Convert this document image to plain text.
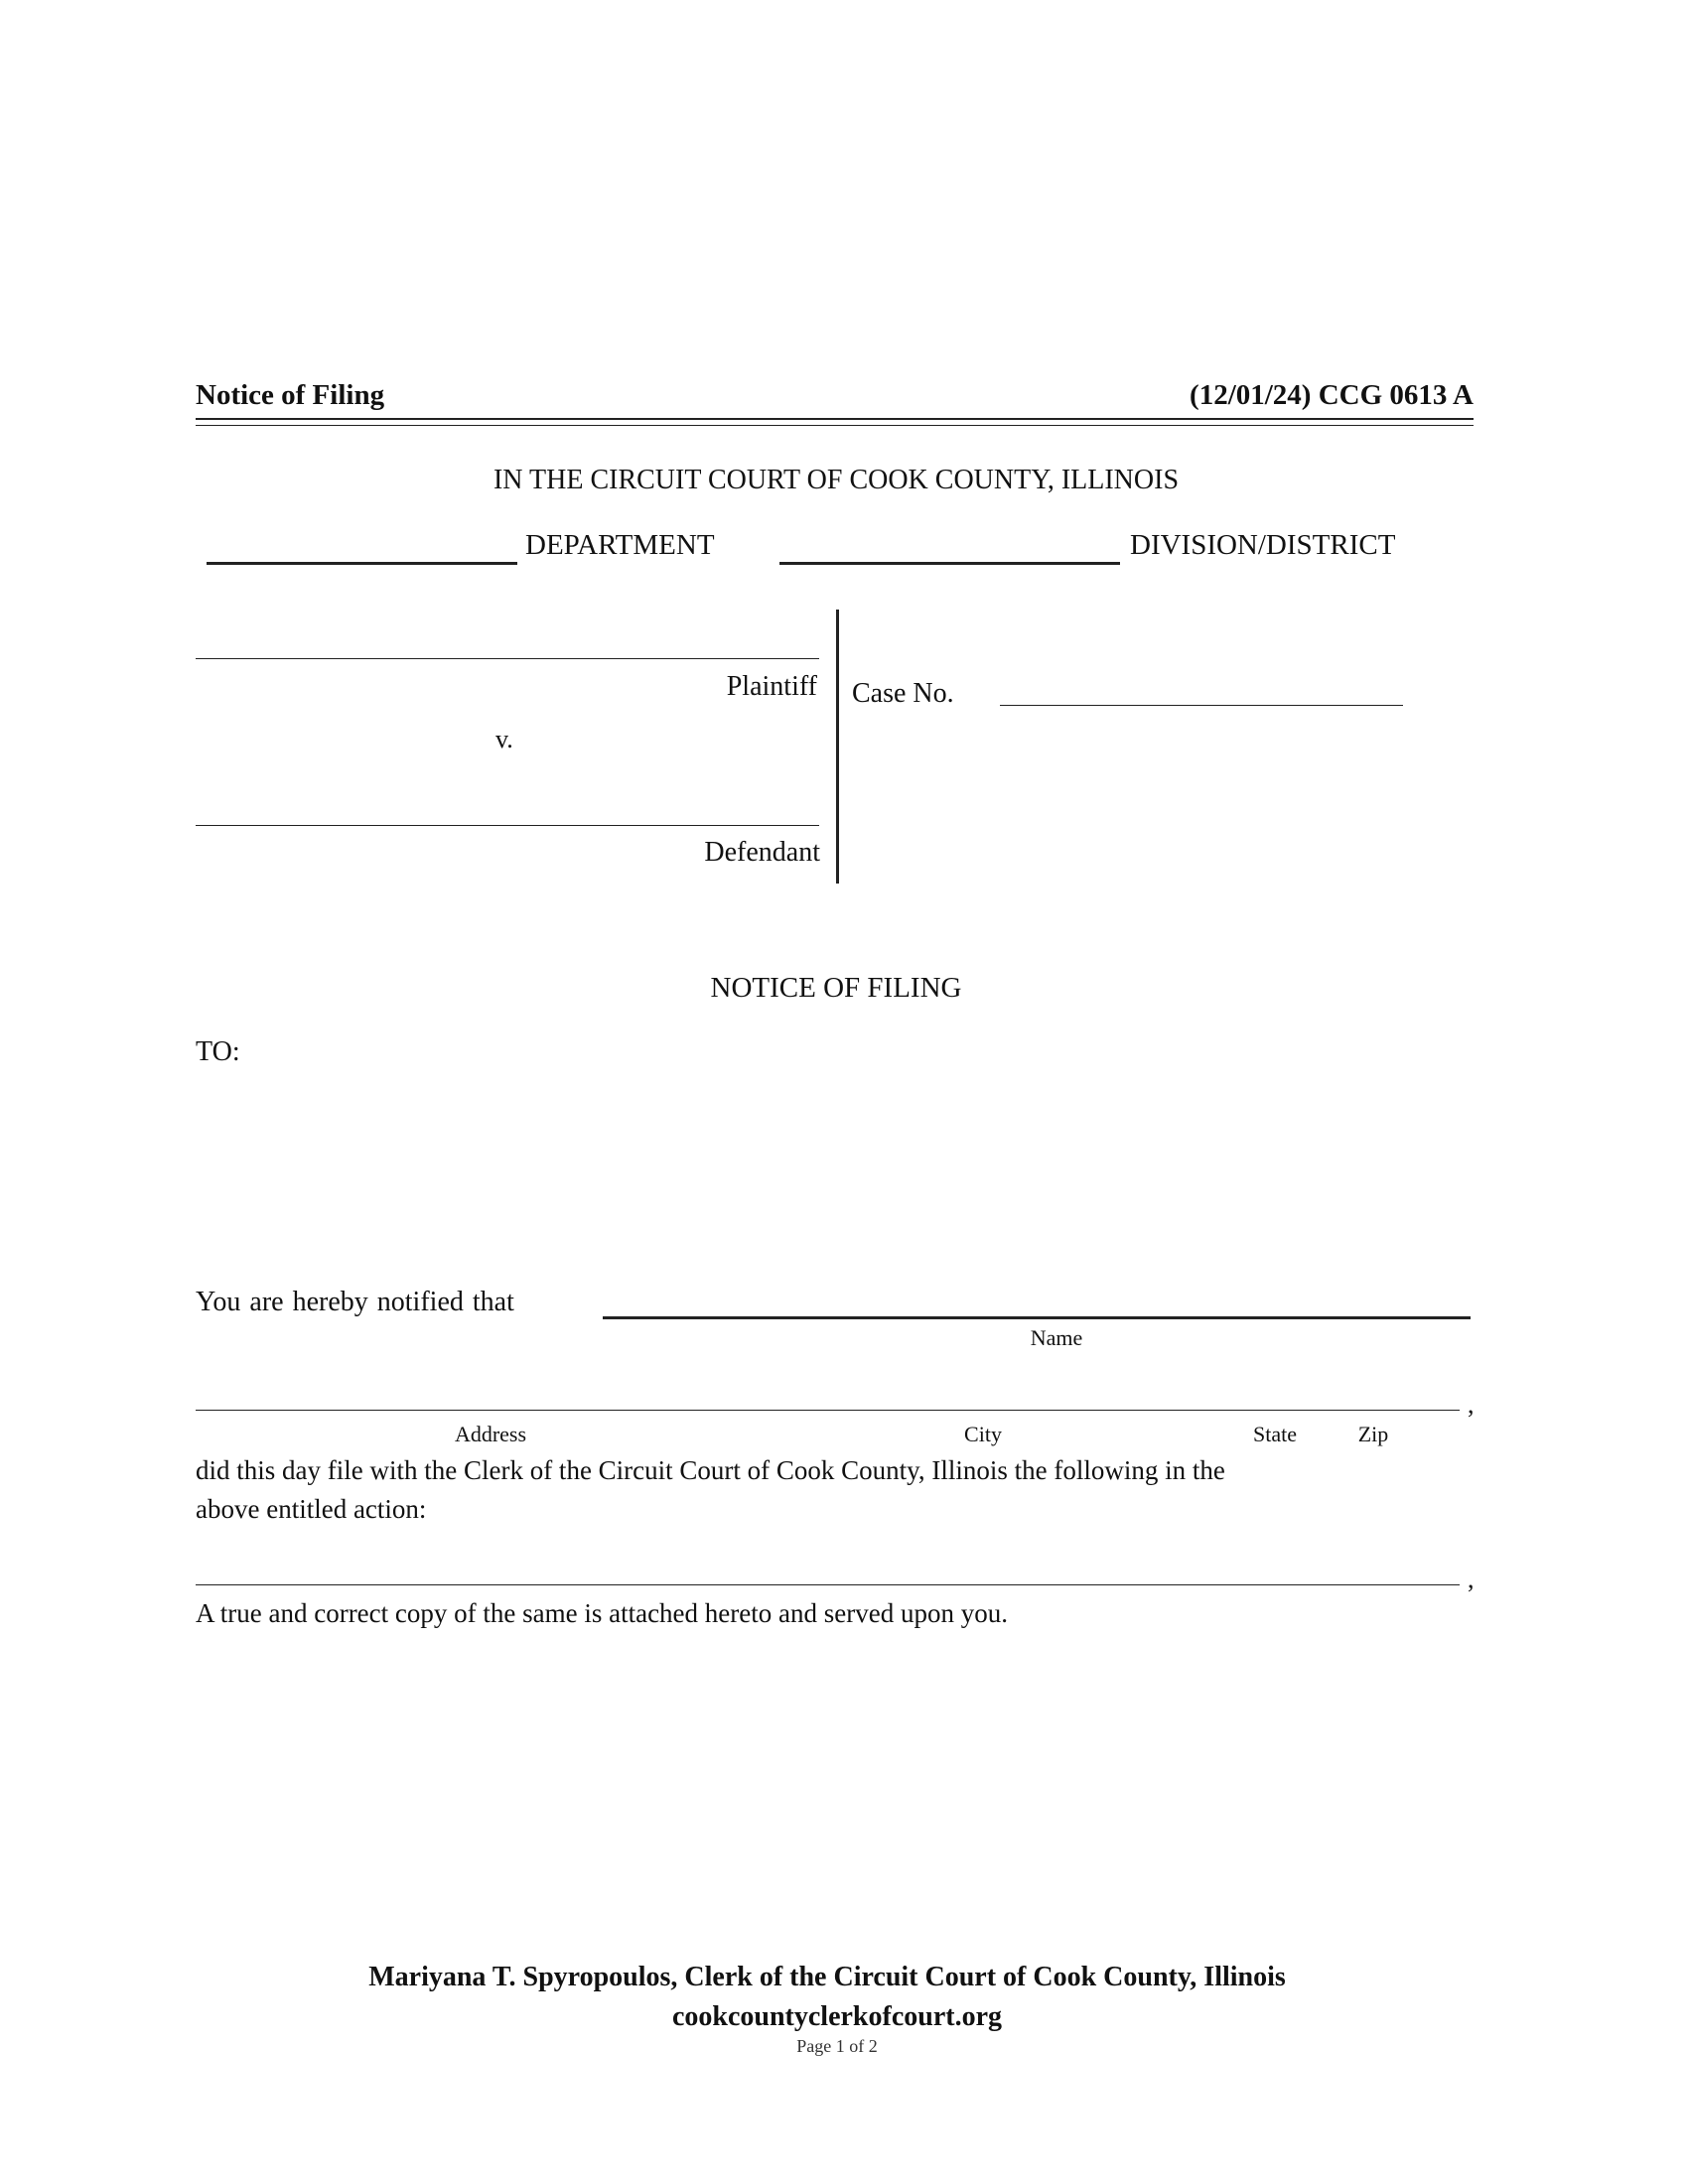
Notice of Filing	(12/01/24) CCG 0613 A
IN THE CIRCUIT COURT OF COOK COUNTY, ILLINOIS
DEPARTMENT	DIVISION/DISTRICT
Plaintiff
v.
Defendant
Case No.
NOTICE OF FILING
TO:
You are hereby notified that
Name
,
Address	City	State	Zip
did this day file with the Clerk of the Circuit Court of Cook County, Illinois the following in the
above entitled action:
,
A true and correct copy of the same is attached hereto and served upon you.
Mariyana T. Spyropoulos, Clerk of the Circuit Court of Cook County, Illinois
cookcountyclerkofcourt.org
Page 1 of 2
